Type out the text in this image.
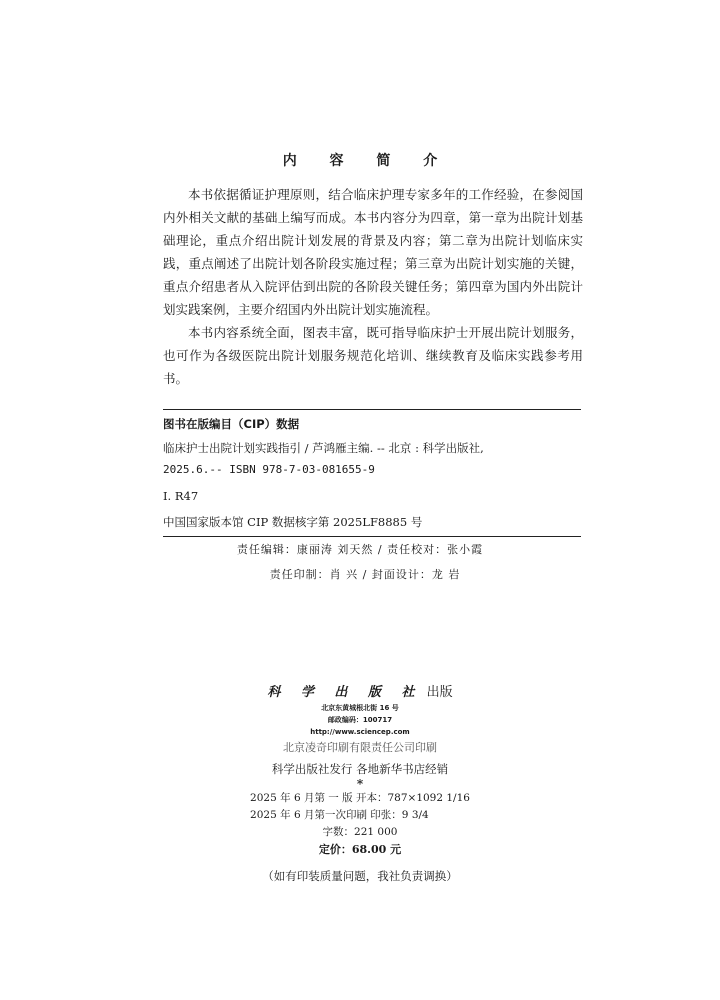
内 容 简 介

本书依据循证护理原则，结合临床护理专家多年的工作经验，在参阅国内外相关文献的基础上编写而成。本书内容分为四章，第一章为出院计划基础理论，重点介绍出院计划发展的背景及内容；第二章为出院计划临床实践，重点阐述了出院计划各阶段实施过程；第三章为出院计划实施的关键，重点介绍患者从入院评估到出院的各阶段关键任务；第四章为国内外出院计划实践案例，主要介绍国内外出院计划实施流程。

本书内容系统全面，图表丰富，既可指导临床护士开展出院计划服务，也可作为各级医院出院计划服务规范化培训、继续教育及临床实践参考用书。

图书在版编目（CIP）数据
临床护士出院计划实践指引 / 芦鸿雁主编. -- 北京 : 科学出版社,
2025.6.-- ISBN 978-7-03-081655-9
Ⅰ. R47
中国国家版本馆 CIP 数据核字第 2025LF8885 号
责任编辑：康丽涛 刘天然 / 责任校对：张小霞
责任印制：肖 兴 / 封面设计：龙 岩
科 学 出 版 社 出版
北京东黄城根北街 16 号
邮政编码：100717
http://www.sciencep.com
北京凌奇印刷有限责任公司印刷
科学出版社发行 各地新华书店经销
*
2025 年 6 月第 一 版 开本：787×1092 1/16
2025 年 6 月第一次印刷 印张：9 3/4
字数：221 000
定价：68.00 元
（如有印装质量问题，我社负责调换）
